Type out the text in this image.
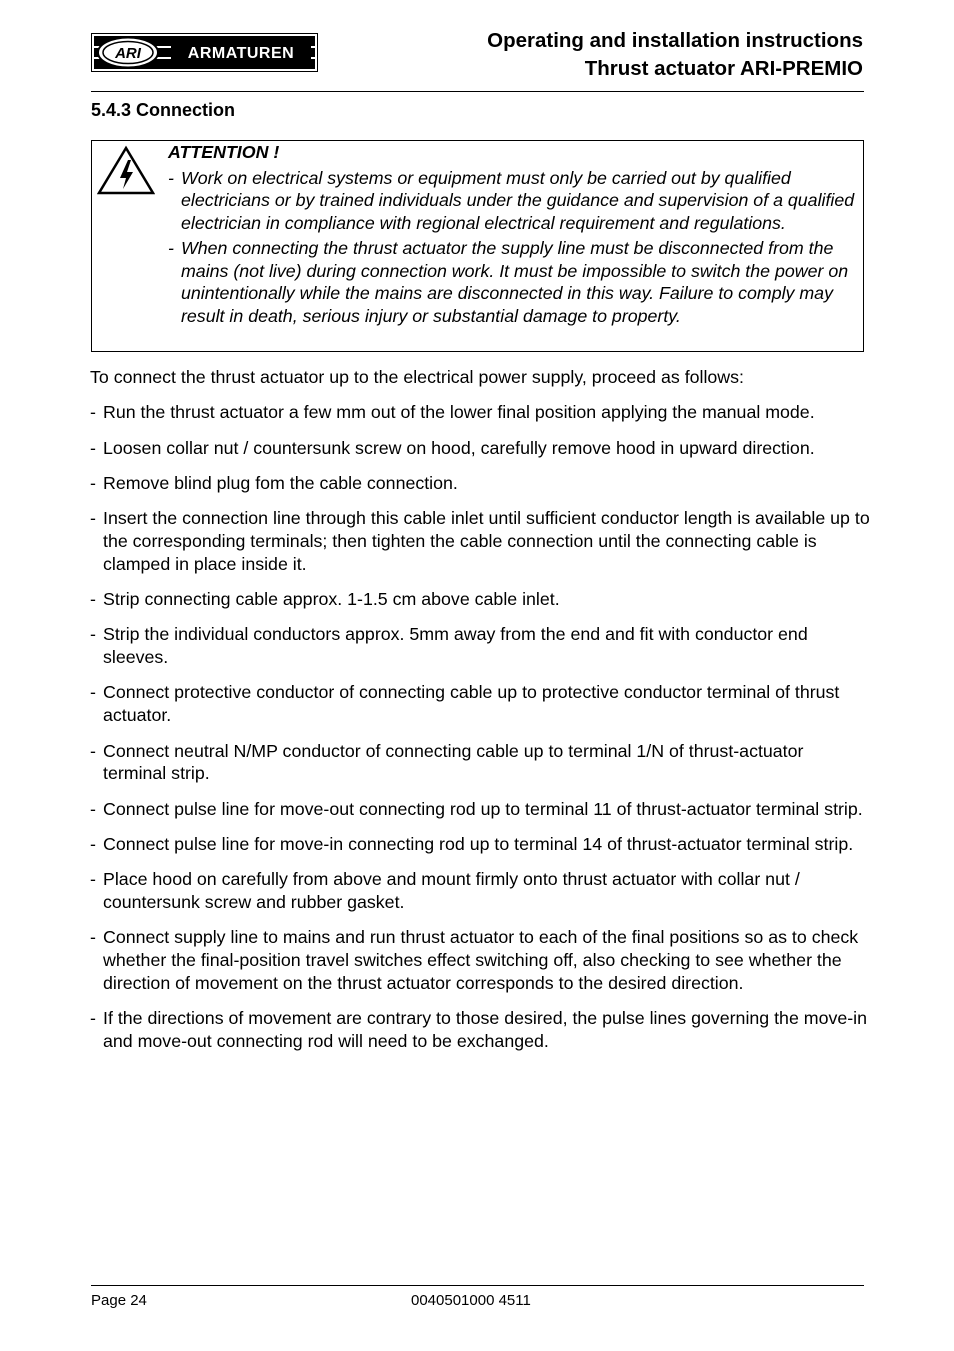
ARI	ARMATUREN
Operating and installation instructions
Thrust actuator ARI-PREMIO
5.4.3 Connection
ATTENTION !
- Work on electrical systems or equipment must only be carried out by qualified electricians or by trained individuals under the guidance and supervision of a qualified electrician in compliance with regional electrical requirement and regulations.
- When connecting the thrust actuator the supply line must be disconnected from the mains (not live) during connection work. It must be impossible to switch the power on unintentionally while the mains are disconnected in this way. Failure to comply may result in death, serious injury or substantial damage to property.

To connect the thrust actuator up to the electrical power supply, proceed as follows:

- Run the thrust actuator a few mm out of the lower final position applying the manual mode.

- Loosen collar nut / countersunk screw on hood, carefully remove hood in upward direction.

- Remove blind plug fom the cable connection.

- Insert the connection line through this cable inlet until sufficient conductor length is available up to the corresponding terminals; then tighten the cable connection until the connecting cable is clamped in place inside it.

- Strip connecting cable approx. 1-1.5 cm above cable inlet.

- Strip the individual conductors approx. 5mm away from the end and fit with conductor end sleeves.

- Connect protective conductor of connecting cable up to protective conductor terminal of thrust actuator.

- Connect neutral N/MP conductor of connecting cable up to terminal 1/N of thrust-actuator terminal strip.

- Connect pulse line for move-out connecting rod up to terminal 11 of thrust-actuator terminal strip.

- Connect pulse line for move-in connecting rod up to terminal 14 of thrust-actuator terminal strip.

- Place hood on carefully from above and mount firmly onto thrust actuator with collar nut / countersunk screw and rubber gasket.

- Connect supply line to mains and run thrust actuator to each of the final positions so as to check whether the final-position travel switches effect switching off, also checking to see whether the direction of movement on the thrust actuator corresponds to the desired direction.

- If the directions of movement are contrary to those desired, the pulse lines governing the move-in and move-out connecting rod will need to be exchanged.

Page 24	0040501000 4511
